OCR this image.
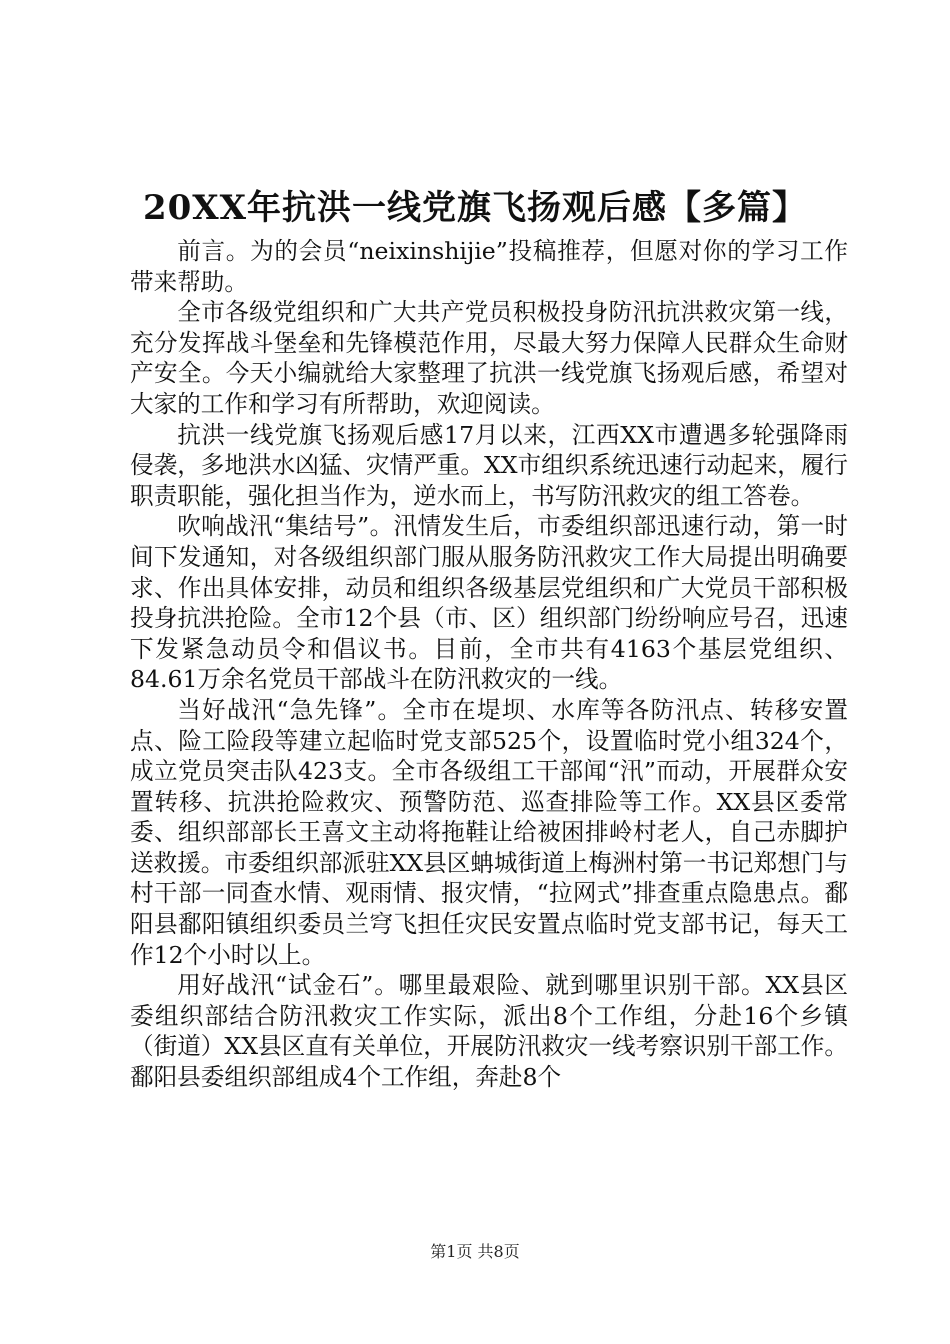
20XX年抗洪一线党旗飞扬观后感【多篇】

前言。为的会员“neixinshijie”投稿推荐，但愿对你的学习工作带来帮助。

全市各级党组织和广大共产党员积极投身防汛抗洪救灾第一线，充分发挥战斗堡垒和先锋模范作用，尽最大努力保障人民群众生命财产安全。今天小编就给大家整理了抗洪一线党旗飞扬观后感，希望对大家的工作和学习有所帮助，欢迎阅读。

抗洪一线党旗飞扬观后感17月以来，江西XX市遭遇多轮强降雨侵袭，多地洪水凶猛、灾情严重。XX市组织系统迅速行动起来，履行职责职能，强化担当作为，逆水而上，书写防汛救灾的组工答卷。

吹响战汛“集结号”。汛情发生后，市委组织部迅速行动，第一时间下发通知，对各级组织部门服从服务防汛救灾工作大局提出明确要求、作出具体安排，动员和组织各级基层党组织和广大党员干部积极投身抗洪抢险。全市12个县（市、区）组织部门纷纷响应号召，迅速下发紧急动员令和倡议书。目前，全市共有4163个基层党组织、84.61万余名党员干部战斗在防汛救灾的一线。

当好战汛“急先锋”。全市在堤坝、水库等各防汛点、转移安置点、险工险段等建立起临时党支部525个，设置临时党小组324个，成立党员突击队423支。全市各级组工干部闻“汛”而动，开展群众安置转移、抗洪抢险救灾、预警防范、巡查排险等工作。XX县区委常委、组织部部长王喜文主动将拖鞋让给被困排岭村老人，自己赤脚护送救援。市委组织部派驻XX县区蚺城街道上梅洲村第一书记郑想门与村干部一同查水情、观雨情、报灾情，“拉网式”排查重点隐患点。鄱阳县鄱阳镇组织委员兰穹飞担任灾民安置点临时党支部书记，每天工作12个小时以上。

用好战汛“试金石”。哪里最艰险、就到哪里识别干部。XX县区委组织部结合防汛救灾工作实际，派出8个工作组，分赴16个乡镇（街道）XX县区直有关单位，开展防汛救灾一线考察识别干部工作。鄱阳县委组织部组成4个工作组，奔赴8个

第1页 共8页
